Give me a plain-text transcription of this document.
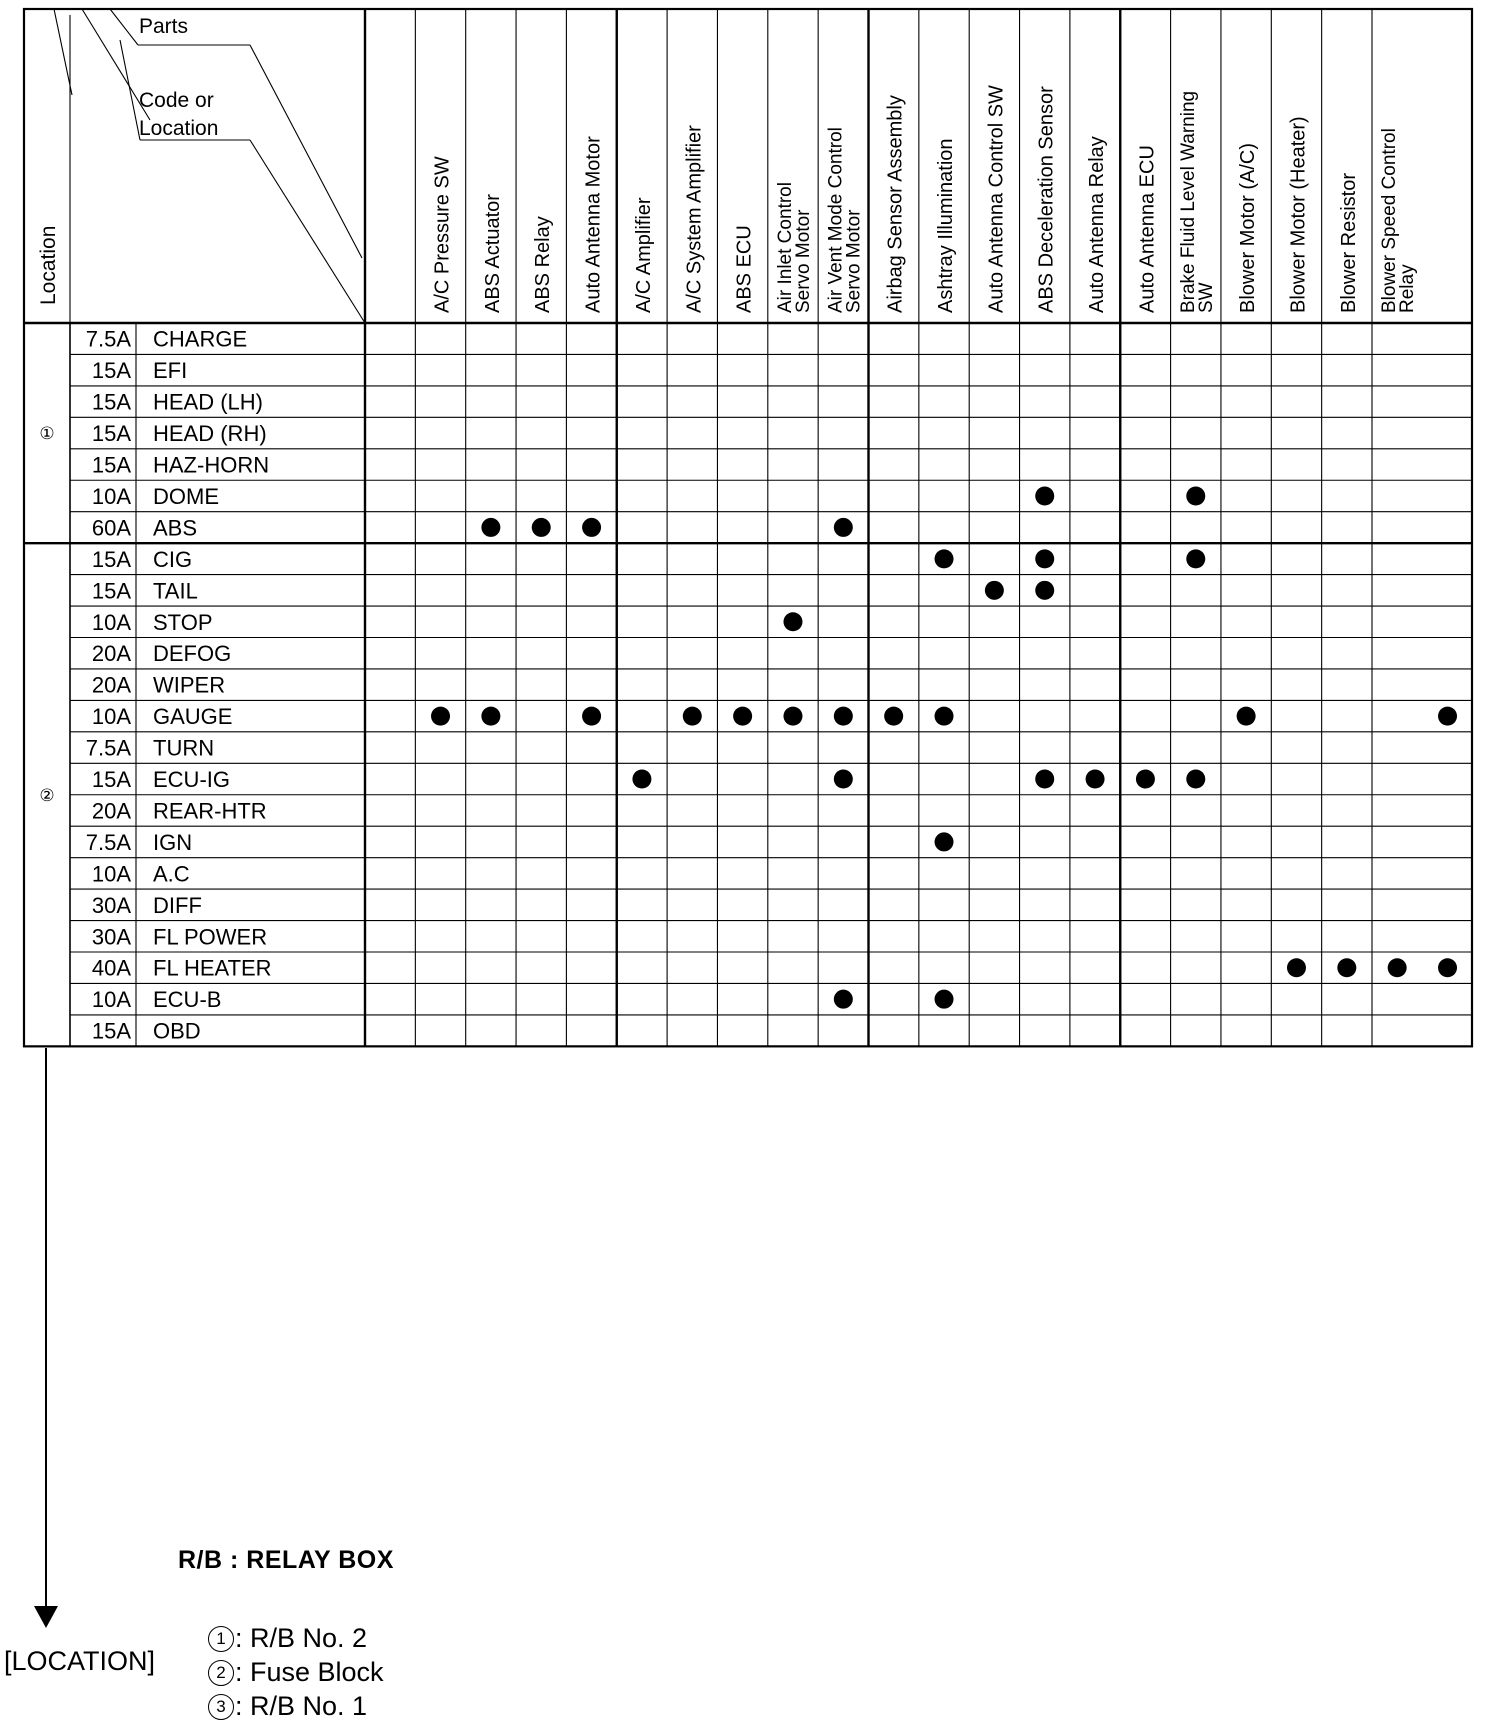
Parts
Code or
Location
Location	A/C Pressure SW ABS Actuator ABS Relay Auto Antenna Motor A/C Amplifier A/C System Amplifier ABS ECU Air Inlet Control
Servo Motor Air Vent Mode Control
Servo Motor Airbag Sensor Assembly Ashtray Illumination Auto Antenna Control SW ABS Deceleration Sensor Auto Antenna Relay Auto Antenna ECU Brake Fluid Level Warning
SW Blower Motor (A/C) Blower Motor (Heater) Blower Resistor Blower Speed Control
Relay
7.5A CHARGE
15A EFI
15A HEAD (LH)
15A HEAD (RH)
15A HAZ-HORN
10A DOME
60A ABS
①
15A CIG
15A TAIL
10A STOP
20A DEFOG
20A WIPER
10A GAUGE
7.5A TURN
15A ECU-IG
20A REAR-HTR
7.5A IGN
10A A.C
30A DIFF
30A FL POWER
40A FL HEATER
10A ECU-B
15A OBD
②
R/B : RELAY BOX
[LOCATION]
1 : R/B No. 2
2 : Fuse Block
3 : R/B No. 1
